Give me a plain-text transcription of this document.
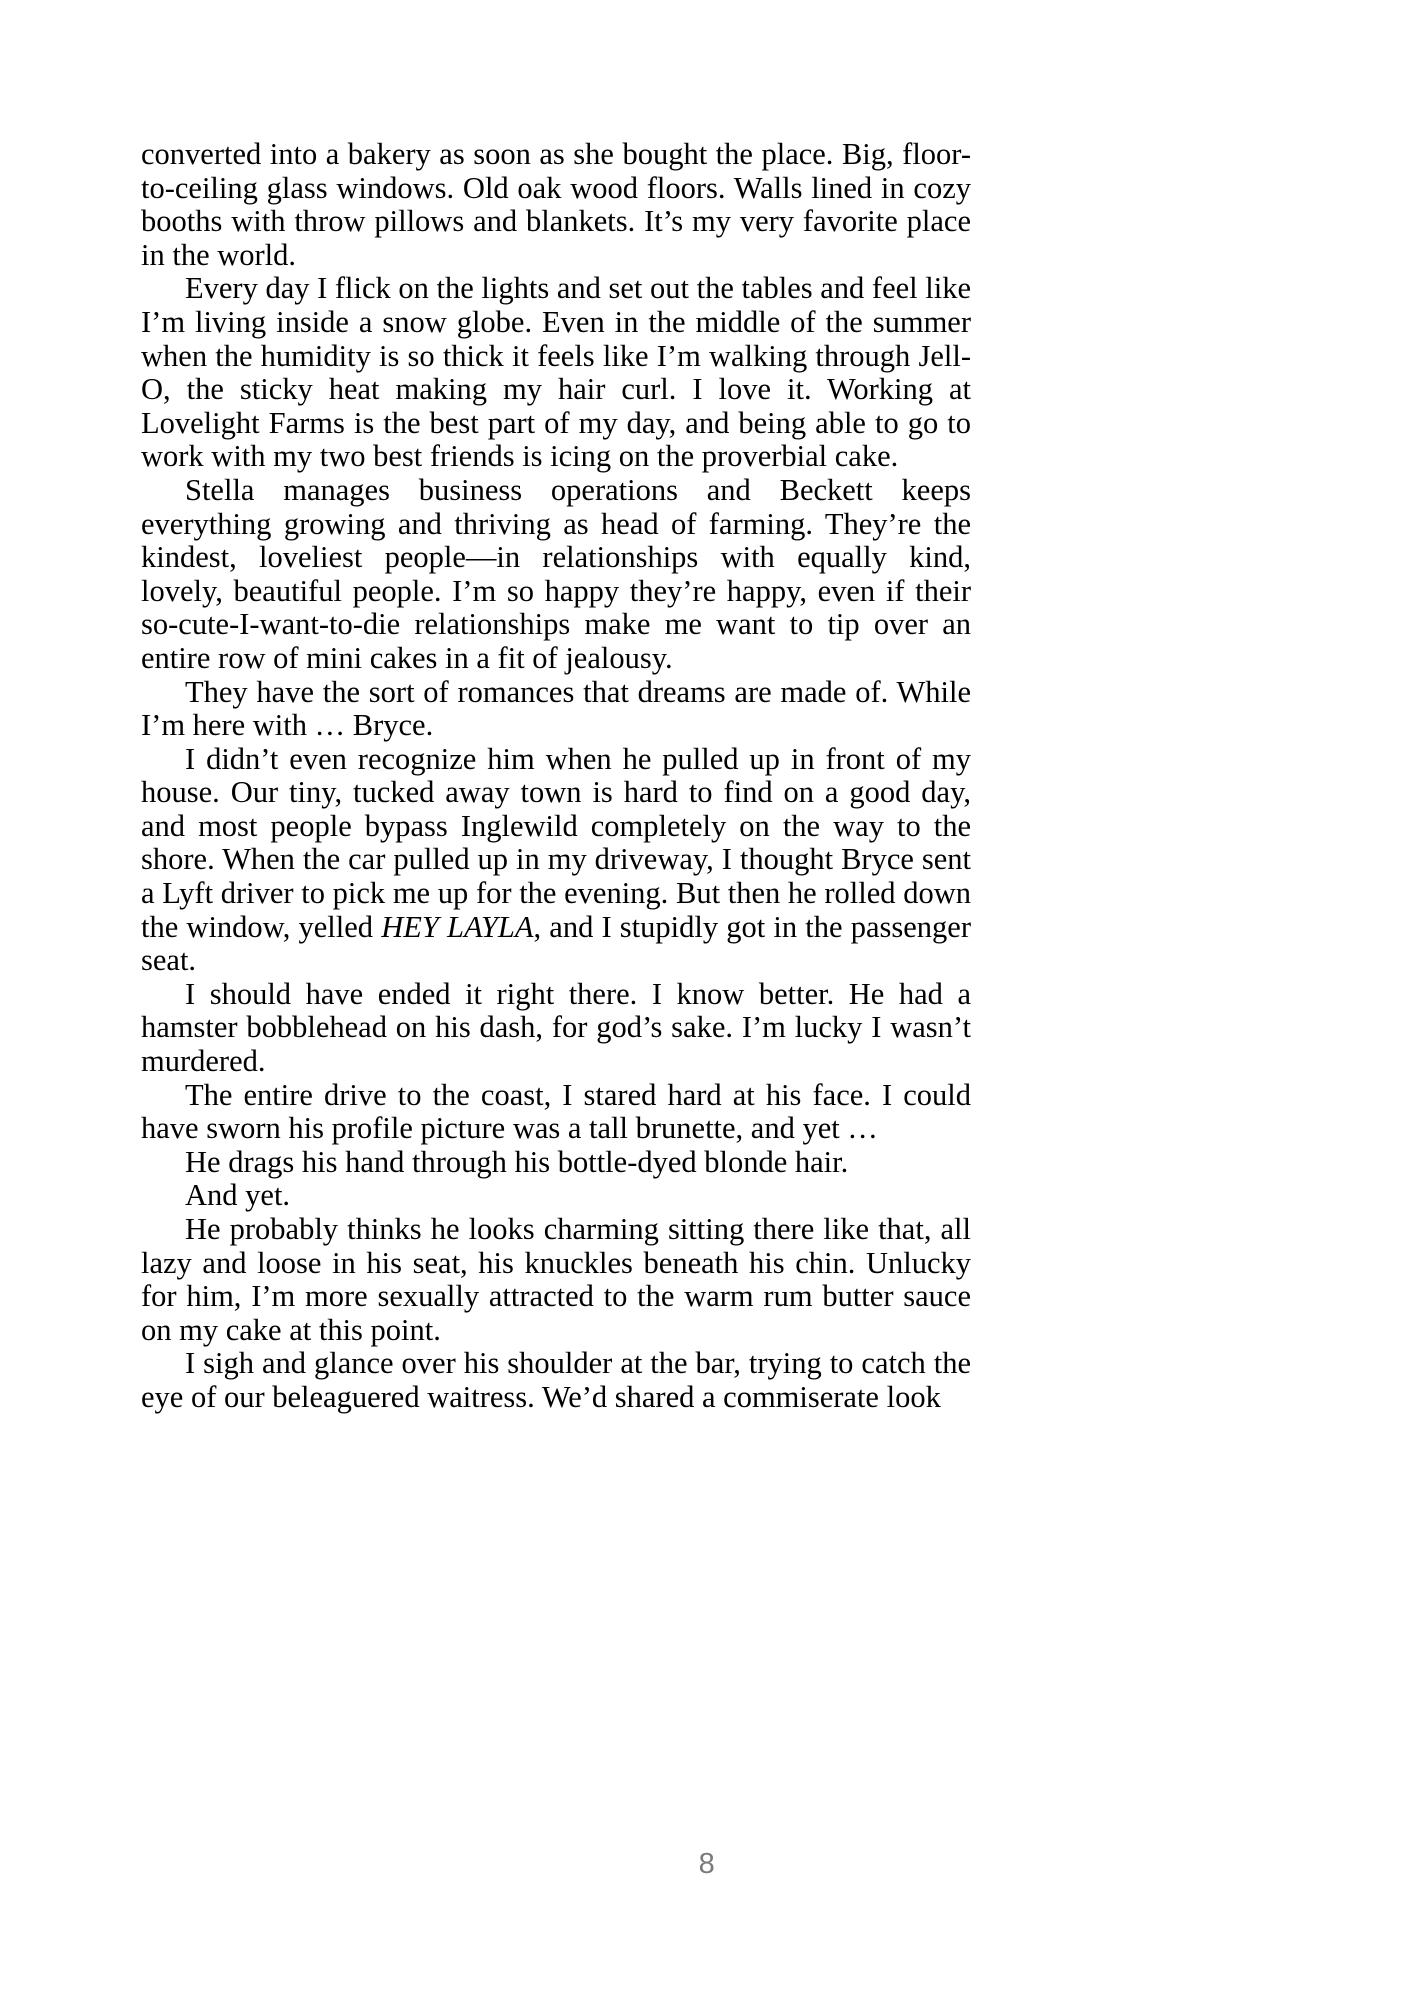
converted into a bakery as soon as she bought the place. Big, floor-to-ceiling glass windows. Old oak wood floors. Walls lined in cozy booths with throw pillows and blankets. It’s my very favorite place in the world.

Every day I flick on the lights and set out the tables and feel like I’m living inside a snow globe. Even in the middle of the summer when the humidity is so thick it feels like I’m walking through Jell-O, the sticky heat making my hair curl. I love it. Working at Lovelight Farms is the best part of my day, and being able to go to work with my two best friends is icing on the proverbial cake.

Stella manages business operations and Beckett keeps everything growing and thriving as head of farming. They’re the kindest, loveliest people—in relationships with equally kind, lovely, beautiful people. I’m so happy they’re happy, even if their so-cute-I-want-to-die relationships make me want to tip over an entire row of mini cakes in a fit of jealousy.

They have the sort of romances that dreams are made of. While I’m here with … Bryce.

I didn’t even recognize him when he pulled up in front of my house. Our tiny, tucked away town is hard to find on a good day, and most people bypass Inglewild completely on the way to the shore. When the car pulled up in my driveway, I thought Bryce sent a Lyft driver to pick me up for the evening. But then he rolled down the window, yelled HEY LAYLA, and I stupidly got in the passenger seat.

I should have ended it right there. I know better. He had a hamster bobblehead on his dash, for god’s sake. I’m lucky I wasn’t murdered.

The entire drive to the coast, I stared hard at his face. I could have sworn his profile picture was a tall brunette, and yet …

He drags his hand through his bottle-dyed blonde hair.

And yet.

He probably thinks he looks charming sitting there like that, all lazy and loose in his seat, his knuckles beneath his chin. Unlucky for him, I’m more sexually attracted to the warm rum butter sauce on my cake at this point.

I sigh and glance over his shoulder at the bar, trying to catch the eye of our beleaguered waitress. We’d shared a commiserate look

8
